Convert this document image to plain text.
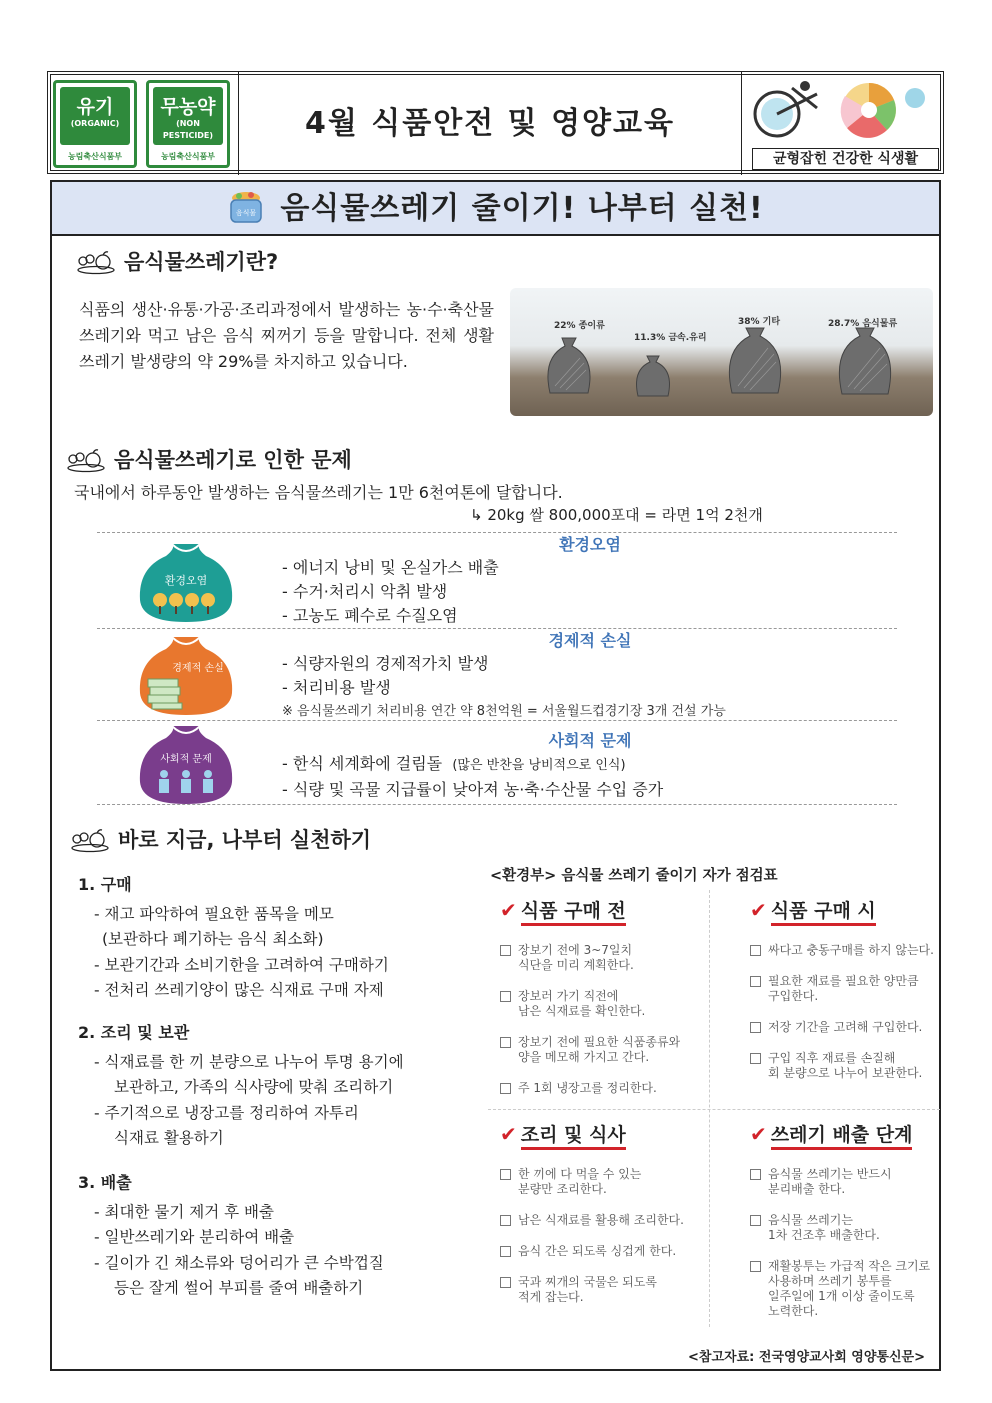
유기
(ORGANIC)
농림축산식품부
무농약
(NON PESTICIDE)
농림축산식품부
4월 식품안전 및 영양교육
균형잡힌 건강한 식생활
음식물 음식물쓰레기 줄이기! 나부터 실천!
음식물쓰레기란?
식품의 생산·유통·가공·조리과정에서 발생하는 농·수·축산물 쓰레기와 먹고 남은 음식 찌꺼기 등을 말합니다. 전체 생활쓰레기 발생량의 약 29%를 차지하고 있습니다.
22% 종이류
11.3% 금속.유리
38% 기타	28.7% 음식물류
음식물쓰레기로 인한 문제
국내에서 하루동안 발생하는 음식물쓰레기는 1만 6천여톤에 달합니다.
↳ 20kg 쌀 800,000포대 = 라면 1억 2천개
환경오염
환경오염
- 에너지 낭비 및 온실가스 배출
- 수거·처리시 악취 발생
- 고농도 폐수로 수질오염
경제적 손실
경제적 손실	- 식량자원의 경제적가치 발생
- 처리비용 발생
※ 음식물쓰레기 처리비용 연간 약 8천억원 = 서울월드컵경기장 3개 건설 가능
사회적 문제
사회적 문제	- 한식 세계화에 걸림돌 (많은 반찬을 낭비적으로 인식)
- 식량 및 곡물 지급률이 낮아져 농·축·수산물 수입 증가
바로 지금, 나부터 실천하기
1. 구매
- 재고 파악하여 필요한 품목을 메모
(보관하다 폐기하는 음식 최소화)
- 보관기간과 소비기한을 고려하여 구매하기
- 전처리 쓰레기양이 많은 식재료 구매 자제
2. 조리 및 보관
- 식재료를 한 끼 분량으로 나누어 투명 용기에
보관하고, 가족의 식사량에 맞춰 조리하기
- 주기적으로 냉장고를 정리하여 자투리
식재료 활용하기
3. 배출
- 최대한 물기 제거 후 배출
- 일반쓰레기와 분리하여 배출
- 길이가 긴 채소류와 덩어리가 큰 수박껍질
등은 잘게 썰어 부피를 줄여 배출하기
<환경부> 음식물 쓰레기 줄이기 자가 점검표
✔ 식품 구매 전
장보기 전에 3~7일치
식단을 미리 계획한다.
장보러 가기 직전에
남은 식재료를 확인한다.
장보기 전에 필요한 식품종류와
양을 메모해 가지고 간다.
주 1회 냉장고를 정리한다.
✔ 식품 구매 시
싸다고 충동구매를 하지 않는다.
필요한 재료를 필요한 양만큼
구입한다.
저장 기간을 고려해 구입한다.
구입 직후 재료를 손질해
회 분량으로 나누어 보관한다.
✔ 조리 및 식사
한 끼에 다 먹을 수 있는
분량만 조리한다.
남은 식재료를 활용해 조리한다.
음식 간은 되도록 싱겁게 한다.
국과 찌개의 국물은 되도록
적게 잡는다.
✔ 쓰레기 배출 단계
음식물 쓰레기는 반드시
분리배출 한다.
음식물 쓰레기는
1차 건조후 배출한다.
재활봉투는 가급적 작은 크기로
사용하며 쓰레기 봉투를
일주일에 1개 이상 줄이도록
노력한다.
<참고자료: 전국영양교사회 영양통신문>
